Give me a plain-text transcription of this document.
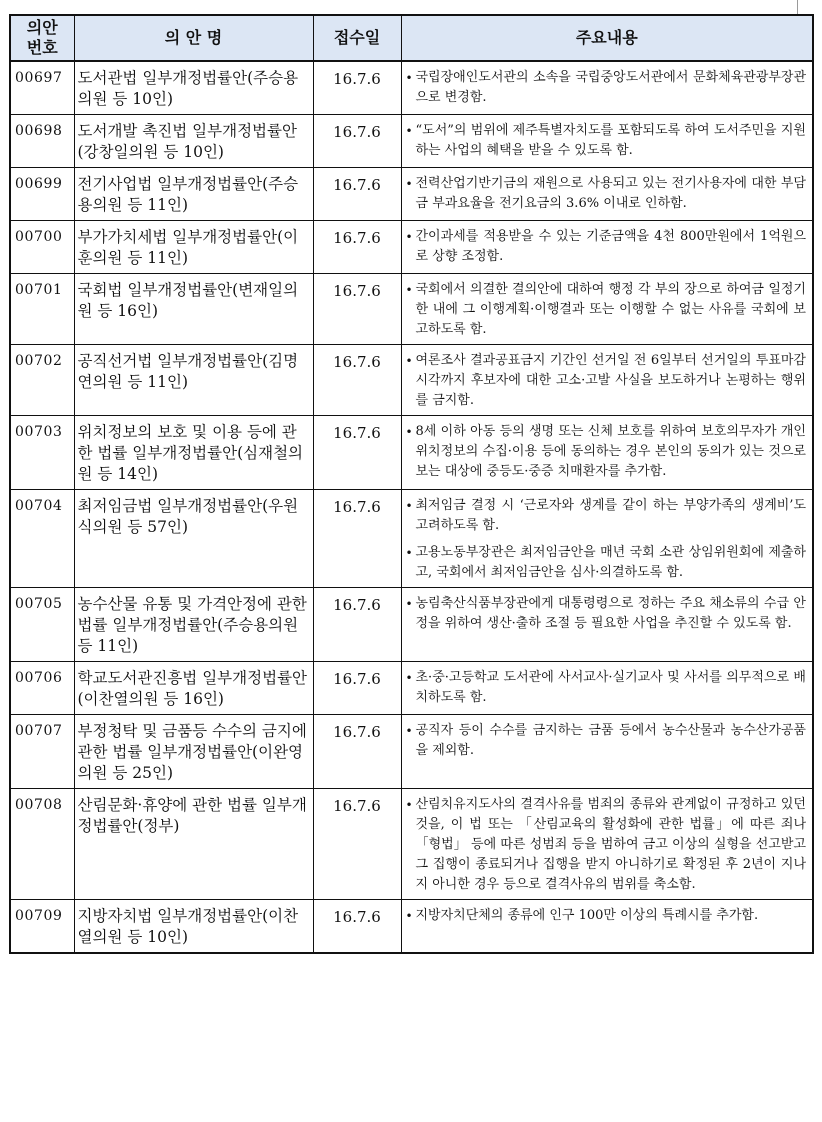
의안
번호	의 안 명	접수일	주요내용
00697	도서관법 일부개정법률안(주승용의원 등 10인)	16.7.6	• 국립장애인도서관의 소속을 국립중앙도서관에서 문화체육관광부장관으로 변경함.

00698	도서개발 촉진법 일부개정법률안(강창일의원 등 10인)	16.7.6	• “도서”의 범위에 제주특별자치도를 포함되도록 하여 도서주민을 지원하는 사업의 혜택을 받을 수 있도록 함.

00699	전기사업법 일부개정법률안(주승용의원 등 11인)	16.7.6	• 전력산업기반기금의 재원으로 사용되고 있는 전기사용자에 대한 부담금 부과요율을 전기요금의 3.6% 이내로 인하함.

00700	부가가치세법 일부개정법률안(이훈의원 등 11인)	16.7.6	• 간이과세를 적용받을 수 있는 기준금액을 4천 800만원에서 1억원으로 상향 조정함.

00701	국회법 일부개정법률안(변재일의원 등 16인)	16.7.6	• 국회에서 의결한 결의안에 대하여 행정 각 부의 장으로 하여금 일정기한 내에 그 이행계획·이행결과 또는 이행할 수 없는 사유를 국회에 보고하도록 함.

00702	공직선거법 일부개정법률안(김명연의원 등 11인)	16.7.6	• 여론조사 결과공표금지 기간인 선거일 전 6일부터 선거일의 투표마감시각까지 후보자에 대한 고소·고발 사실을 보도하거나 논평하는 행위를 금지함.

00703	위치정보의 보호 및 이용 등에 관한 법률 일부개정법률안(심재철의원 등 14인)	16.7.6	• 8세 이하 아동 등의 생명 또는 신체 보호를 위하여 보호의무자가 개인위치정보의 수집·이용 등에 동의하는 경우 본인의 동의가 있는 것으로 보는 대상에 중등도·중증 치매환자를 추가함.

00704	최저임금법 일부개정법률안(우원식의원 등 57인)	16.7.6	• 최저임금 결정 시 ‘근로자와 생계를 같이 하는 부양가족의 생계비’도 고려하도록 함.
• 고용노동부장관은 최저임금안을 매년 국회 소관 상임위원회에 제출하고, 국회에서 최저임금안을 심사·의결하도록 함.

00705	농수산물 유통 및 가격안정에 관한 법률 일부개정법률안(주승용의원 등 11인)	16.7.6	• 농림축산식품부장관에게 대통령령으로 정하는 주요 채소류의 수급 안정을 위하여 생산·출하 조절 등 필요한 사업을 추진할 수 있도록 함.

00706	학교도서관진흥법 일부개정법률안(이찬열의원 등 16인)	16.7.6	• 초·중·고등학교 도서관에 사서교사·실기교사 및 사서를 의무적으로 배치하도록 함.

00707	부정청탁 및 금품등 수수의 금지에 관한 법률 일부개정법률안(이완영의원 등 25인)	16.7.6	• 공직자 등이 수수를 금지하는 금품 등에서 농수산물과 농수산가공품을 제외함.

00708	산림문화·휴양에 관한 법률 일부개정법률안(정부)	16.7.6	• 산림치유지도사의 결격사유를 범죄의 종류와 관계없이 규정하고 있던 것을, 이 법 또는 「산림교육의 활성화에 관한 법률」에 따른 죄나 「형법」 등에 따른 성범죄 등을 범하여 금고 이상의 실형을 선고받고 그 집행이 종료되거나 집행을 받지 아니하기로 확정된 후 2년이 지나지 아니한 경우 등으로 결격사유의 범위를 축소함.

00709	지방자치법 일부개정법률안(이찬열의원 등 10인)	16.7.6	• 지방자치단체의 종류에 인구 100만 이상의 특례시를 추가함.
